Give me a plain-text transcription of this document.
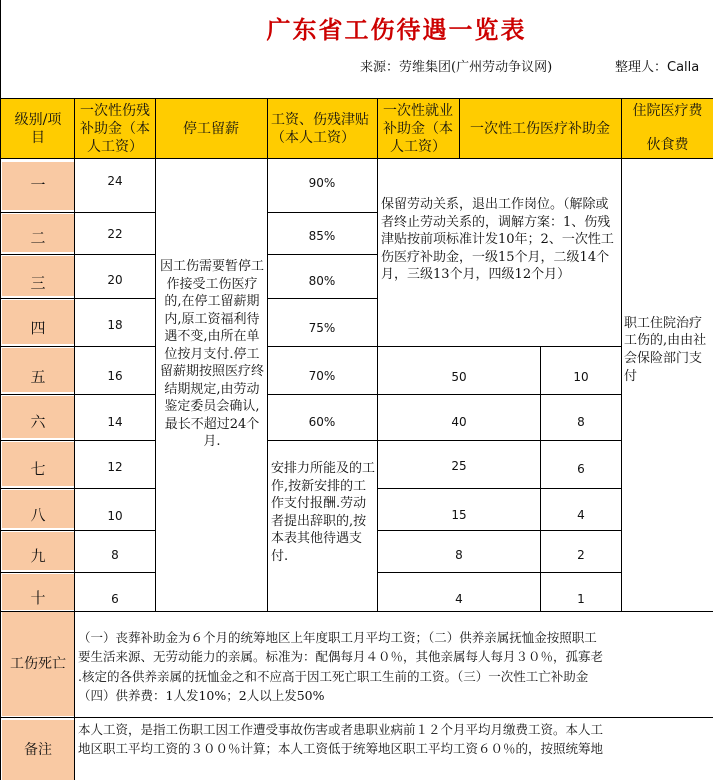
广东省工伤待遇一览表
来源：劳维集团(广州劳动争议网)	整理人：Calla
级别/项目
一次性伤残补助金（本人工资）
停工留薪
工资、伤残津贴（本人工资）
一次性就业补助金（本人工资）
一次性工伤医疗补助金
住院医疗费
伙食费
一
二
三
四
五
六
七
八
九
十
24
22
20
18
16
14
12
10
8
6
因工伤需要暂停工作接受工伤医疗的,在停工留薪期内,原工资福利待遇不变,由所在单位按月支付.停工留薪期按照医疗终结期规定,由劳动鉴定委员会确认,最长不超过24个月.
90%
85%
80%
75%
70%
60%
安排力所能及的工作,按新安排的工作支付报酬.劳动者提出辞职的,按本表其他待遇支付.
保留劳动关系，退出工作岗位。（解除或者终止劳动关系的，调解方案：1、伤残津贴按前项标准计发10年；2、一次性工伤医疗补助金，一级15个月，二级14个月，三级13个月，四级12个月）
50
40
25
15
8
4
10
8
6
4
2
1
职工住院治疗工伤的,由由社会保险部门支付
工伤死亡
（一）丧葬补助金为６个月的统筹地区上年度职工月平均工资；（二）供养亲属抚恤金按照职工
要生活来源、无劳动能力的亲属。标准为：配偶每月４０％，其他亲属每人每月３０％，孤寡老
.核定的各供养亲属的抚恤金之和不应高于因工死亡职工生前的工资。（三）一次性工亡补助金
（四）供养费：1人发10%；2人以上发50%
备注
本人工资，是指工伤职工因工作遭受事故伤害或者患职业病前１２个月平均月缴费工资。本人工
地区职工平均工资的３００％计算；本人工资低于统筹地区职工平均工资６０％的，按照统筹地
